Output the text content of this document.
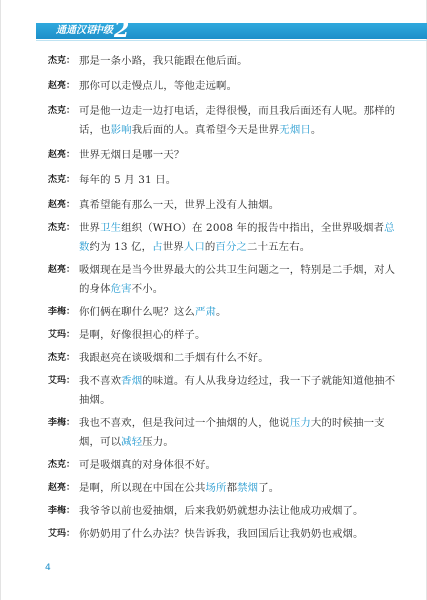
通通汉语
中级 2
杰克： 那是一条小路，我只能跟在他后面。
赵亮： 那你可以走慢点儿，等他走远啊。
杰克： 可是他一边走一边打电话，走得很慢，而且我后面还有人呢。那样的话，也影响我后面的人。真希望今天是世界无烟日。
赵亮： 世界无烟日是哪一天？
杰克： 每年的 5 月 31 日。
赵亮： 真希望能有那么一天，世界上没有人抽烟。
杰克： 世界卫生组织（WHO）在 2008 年的报告中指出，全世界吸烟者总数约为 13 亿，占世界人口的百分之二十五左右。
赵亮： 吸烟现在是当今世界最大的公共卫生问题之一，特别是二手烟，对人的身体危害不小。
李梅： 你们俩在聊什么呢？这么严肃。
艾玛： 是啊，好像很担心的样子。
杰克： 我跟赵亮在谈吸烟和二手烟有什么不好。
艾玛： 我不喜欢香烟的味道。有人从我身边经过，我一下子就能知道他抽不抽烟。
李梅： 我也不喜欢，但是我问过一个抽烟的人，他说压力大的时候抽一支烟，可以减轻压力。
杰克： 可是吸烟真的对身体很不好。
赵亮： 是啊，所以现在中国在公共场所都禁烟了。
李梅： 我爷爷以前也爱抽烟，后来我奶奶就想办法让他成功戒烟了。
艾玛： 你奶奶用了什么办法？快告诉我，我回国后让我奶奶也戒烟。
4
